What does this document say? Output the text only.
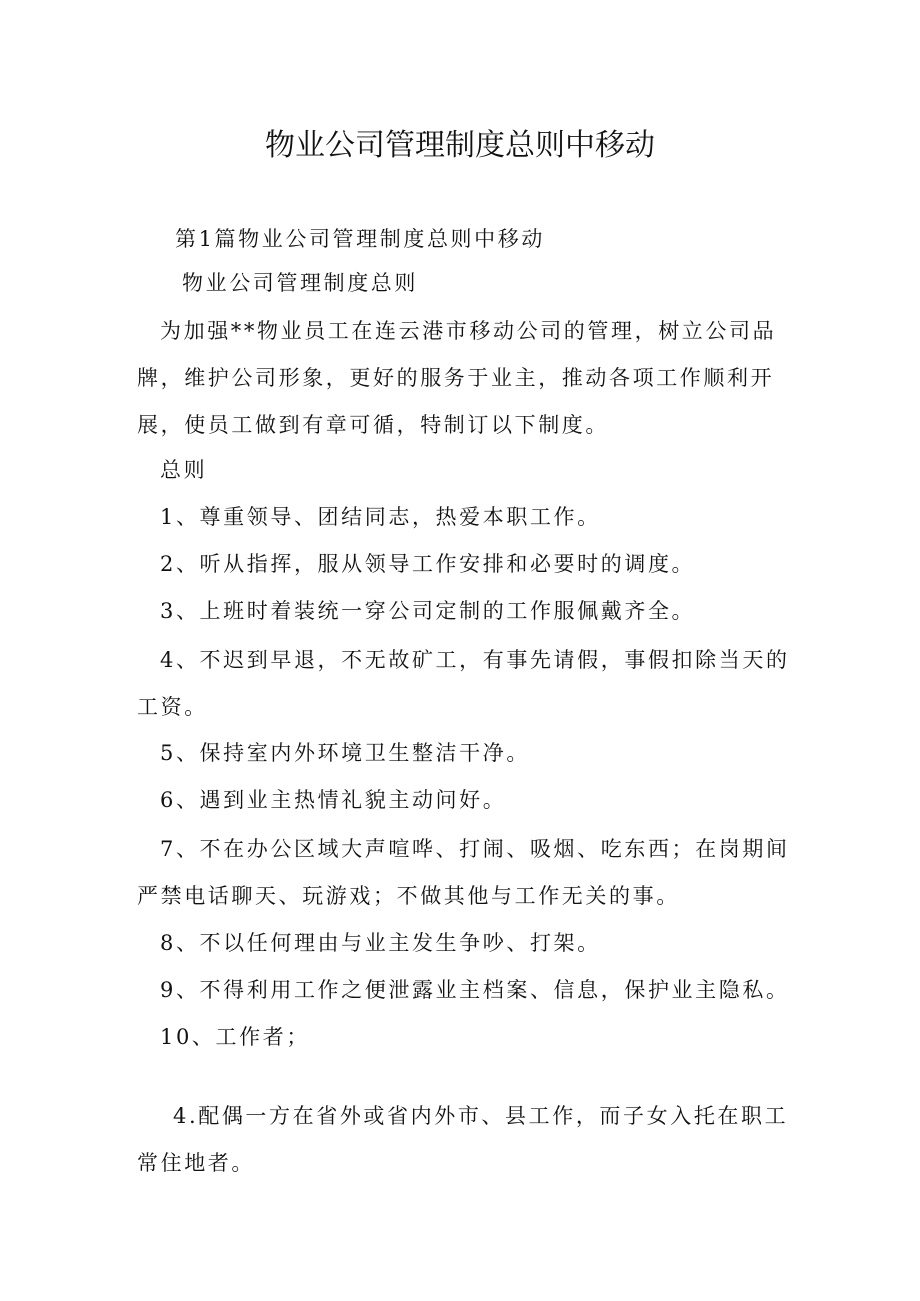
物业公司管理制度总则中移动
第1篇物业公司管理制度总则中移动
物业公司管理制度总则
为加强**物业员工在连云港市移动公司的管理，树立公司品牌，维护公司形象，更好的服务于业主，推动各项工作顺利开展，使员工做到有章可循，特制订以下制度。
总则
1、尊重领导、团结同志，热爱本职工作。
2、听从指挥，服从领导工作安排和必要时的调度。
3、上班时着装统一穿公司定制的工作服佩戴齐全。
4、不迟到早退，不无故矿工，有事先请假，事假扣除当天的工资。
5、保持室内外环境卫生整洁干净。
6、遇到业主热情礼貌主动问好。
7、不在办公区域大声喧哗、打闹、吸烟、吃东西；在岗期间严禁电话聊天、玩游戏；不做其他与工作无关的事。
8、不以任何理由与业主发生争吵、打架。
9、不得利用工作之便泄露业主档案、信息，保护业主隐私。
10、工作者；
4.配偶一方在省外或省内外市、县工作，而子女入托在职工常住地者。
